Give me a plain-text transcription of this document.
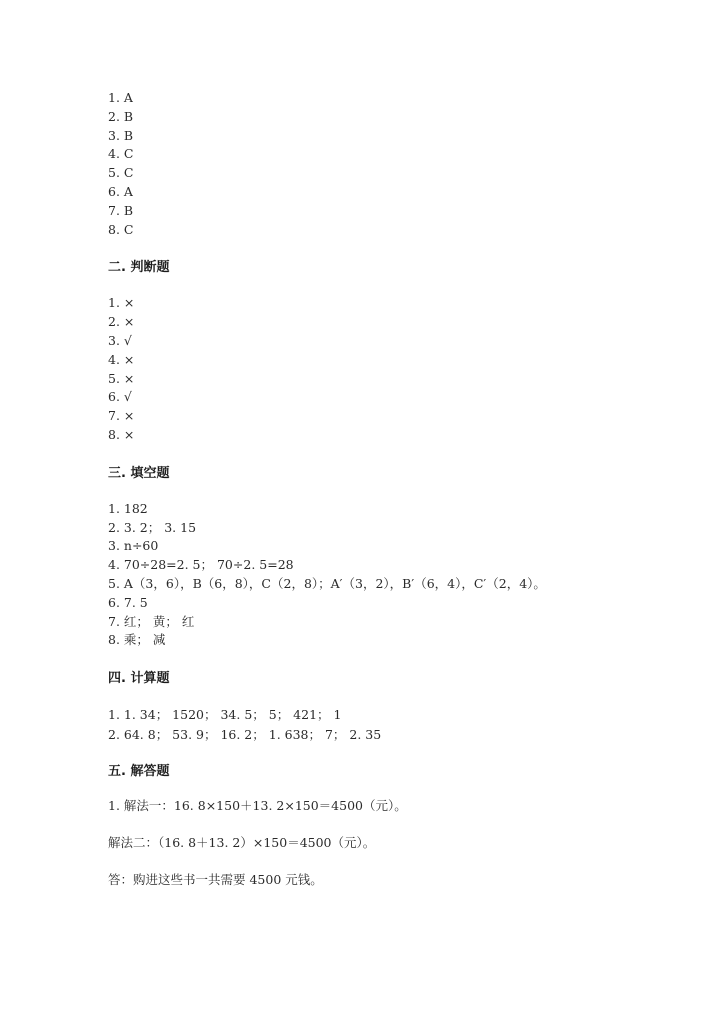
1. A
2. B
3. B
4. C
5. C
6. A
7. B
8. C
二. 判断题
1. ×
2. ×
3. √
4. ×
5. ×
6. √
7. ×
8. ×
三. 填空题
1. 182
2. 3. 2； 3. 15
3. n÷60
4. 70÷28=2. 5； 70÷2. 5=28
5. A（3，6），B（6，8），C（2，8）；A′（3，2），B′（6，4），C′（2，4）。
6. 7. 5
7. 红； 黄； 红
8. 乘； 减
四. 计算题
1. 1. 34； 1520； 34. 5； 5； 421； 1
2. 64. 8； 53. 9； 16. 2； 1. 638； 7； 2. 35
五. 解答题
1. 解法一：16. 8×150＋13. 2×150＝4500（元）。
解法二：（16. 8＋13. 2）×150＝4500（元）。
答：购进这些书一共需要 4500 元钱。
